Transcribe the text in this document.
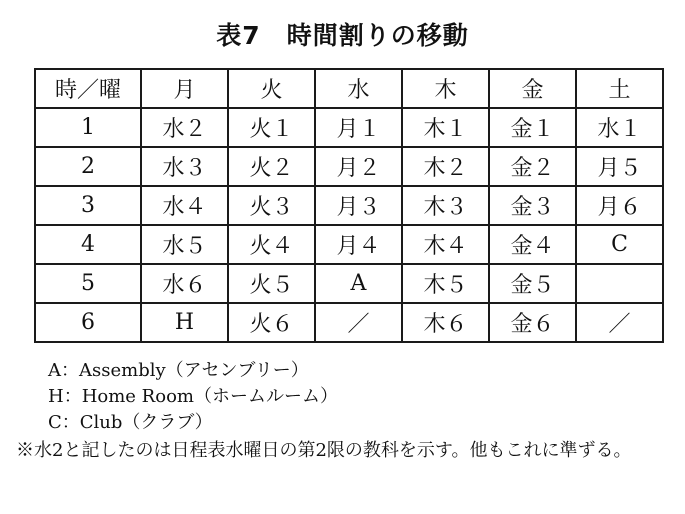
表7　時間割りの移動
時／曜	月	火	水	木	金	土
1	水２	火１	月１	木１	金１	水１
2	水３	火２	月２	木２	金２	月５
3	水４	火３	月３	木３	金３	月６
4	水５	火４	月４	木４	金４	C
5	水６	火５	A	木５	金５	
6	H	火６	／	木６	金６	／
A：Assembly（アセンブリー）
H：Home Room（ホームルーム）
C：Club（クラブ）
※水2と記したのは日程表水曜日の第2限の教科を示す。他もこれに準ずる。
